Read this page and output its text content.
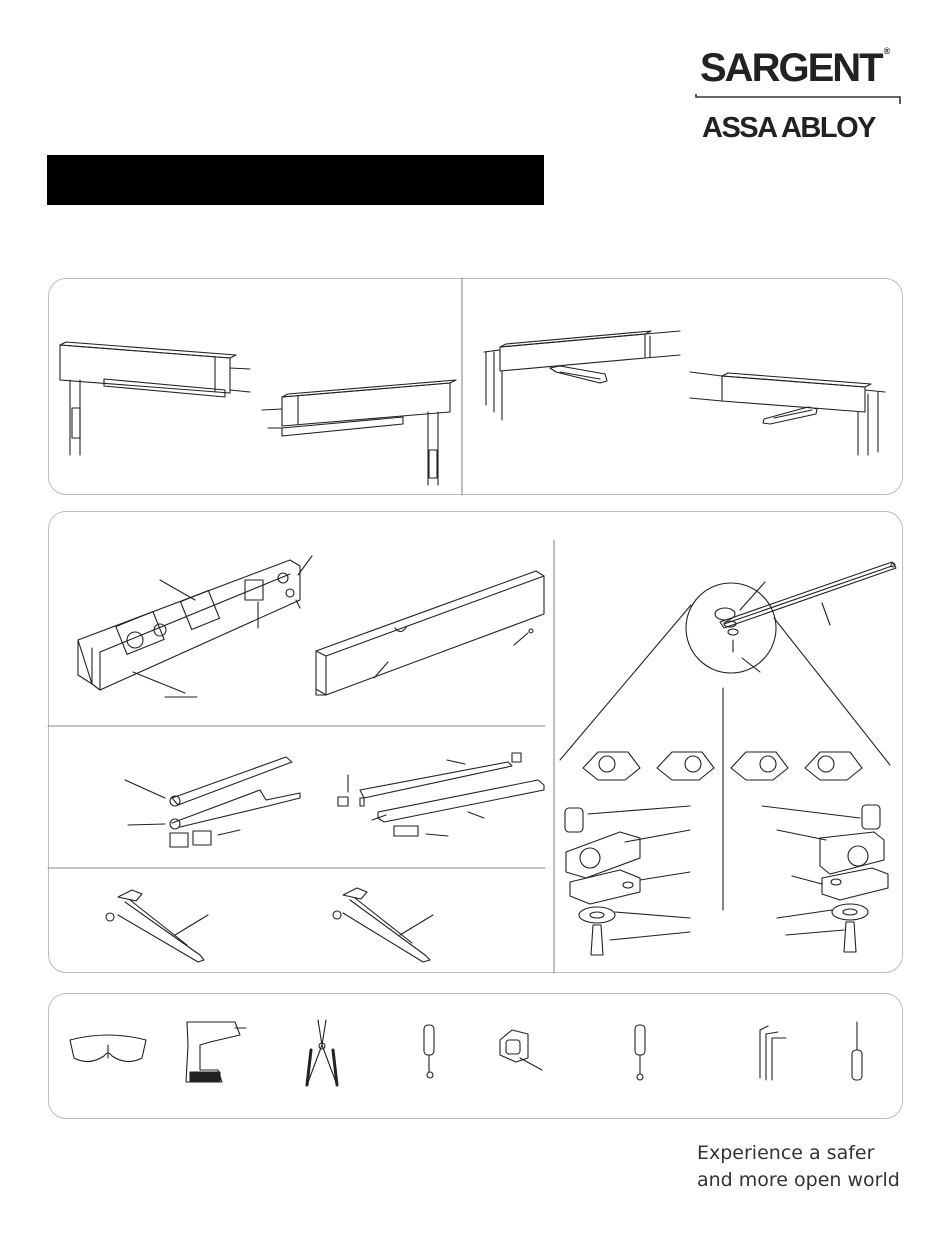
SARGENT ®
ASSA ABLOY
Experience a safer
and more open world
